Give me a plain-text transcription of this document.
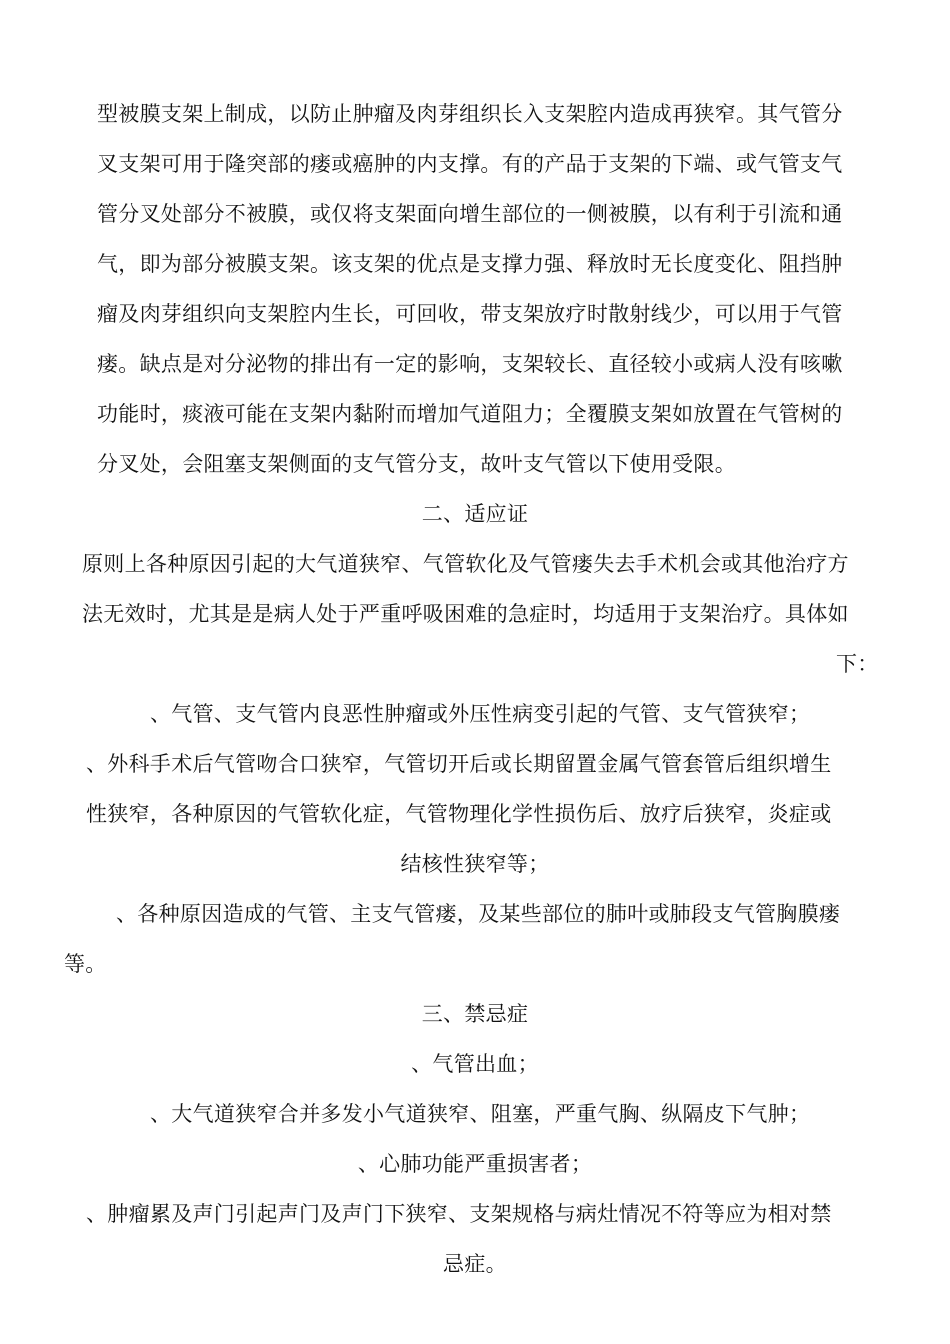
型被膜支架上制成，以防止肿瘤及肉芽组织长入支架腔内造成再狭窄。其气管分
叉支架可用于隆突部的瘘或癌肿的内支撑。有的产品于支架的下端、或气管支气
管分叉处部分不被膜，或仅将支架面向增生部位的一侧被膜，以有利于引流和通
气，即为部分被膜支架。该支架的优点是支撑力强、释放时无长度变化、阻挡肿
瘤及肉芽组织向支架腔内生长，可回收，带支架放疗时散射线少，可以用于气管
瘘。缺点是对分泌物的排出有一定的影响，支架较长、直径较小或病人没有咳嗽
功能时，痰液可能在支架内黏附而增加气道阻力；全覆膜支架如放置在气管树的
分叉处，会阻塞支架侧面的支气管分支，故叶支气管以下使用受限。
二、适应证
原则上各种原因引起的大气道狭窄、气管软化及气管瘘失去手术机会或其他治疗方
法无效时，尤其是是病人处于严重呼吸困难的急症时，均适用于支架治疗。具体如
下：
、气管、支气管内良恶性肿瘤或外压性病变引起的气管、支气管狭窄；
、外科手术后气管吻合口狭窄，气管切开后或长期留置金属气管套管后组织增生
性狭窄，各种原因的气管软化症，气管物理化学性损伤后、放疗后狭窄，炎症或
结核性狭窄等；
、各种原因造成的气管、主支气管瘘，及某些部位的肺叶或肺段支气管胸膜瘘
等。
三、禁忌症
、气管出血；
、大气道狭窄合并多发小气道狭窄、阻塞，严重气胸、纵隔皮下气肿；
、心肺功能严重损害者；
、肿瘤累及声门引起声门及声门下狭窄、支架规格与病灶情况不符等应为相对禁
忌症。
